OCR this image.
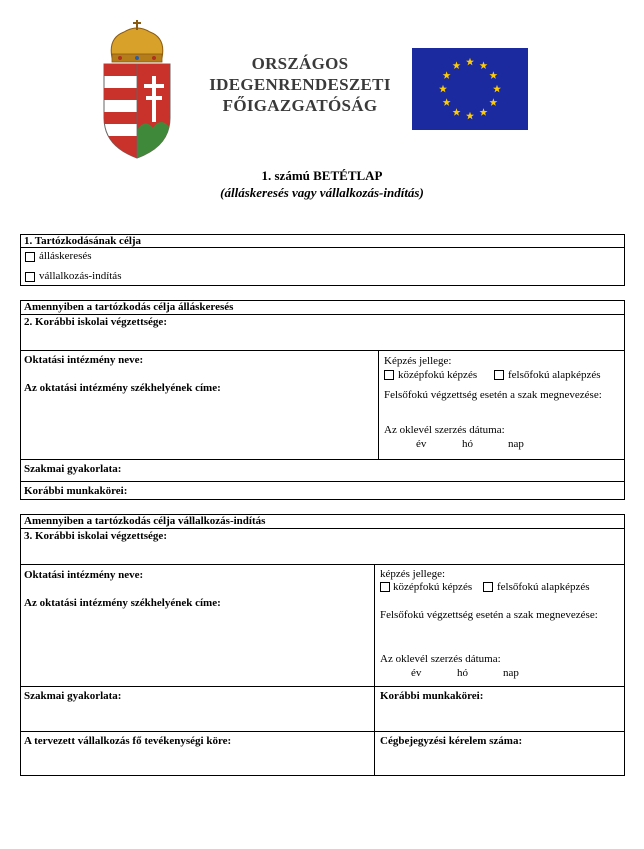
ORSZÁGOS
IDEGENRENDESZETI
FŐIGAZGATÓSÁG
1. számú BETÉTLAP
(álláskeresés vagy vállalkozás-indítás)
1. Tartózkodásának célja
álláskeresés
vállalkozás-indítás
Amennyiben a tartózkodás célja álláskeresés
2. Korábbi iskolai végzettsége:
Oktatási intézmény neve:
Az oktatási intézmény székhelyének címe:
Képzés jellege:
középfokú képzés	felsőfokú alapképzés
Felsőfokú végzettség esetén a szak megnevezése:
Az oklevél szerzés dátuma:
év	hó	nap
Szakmai gyakorlata:
Korábbi munkakörei:
Amennyiben a tartózkodás célja vállalkozás-indítás
3. Korábbi iskolai végzettsége:
Oktatási intézmény neve:
Az oktatási intézmény székhelyének címe:
képzés jellege:
középfokú képzés felsőfokú alapképzés
Felsőfokú végzettség esetén a szak megnevezése:
Az oklevél szerzés dátuma:
év	hó	nap
Szakmai gyakorlata:	Korábbi munkakörei:
A tervezett vállalkozás fő tevékenységi köre:	Cégbejegyzési kérelem száma:
